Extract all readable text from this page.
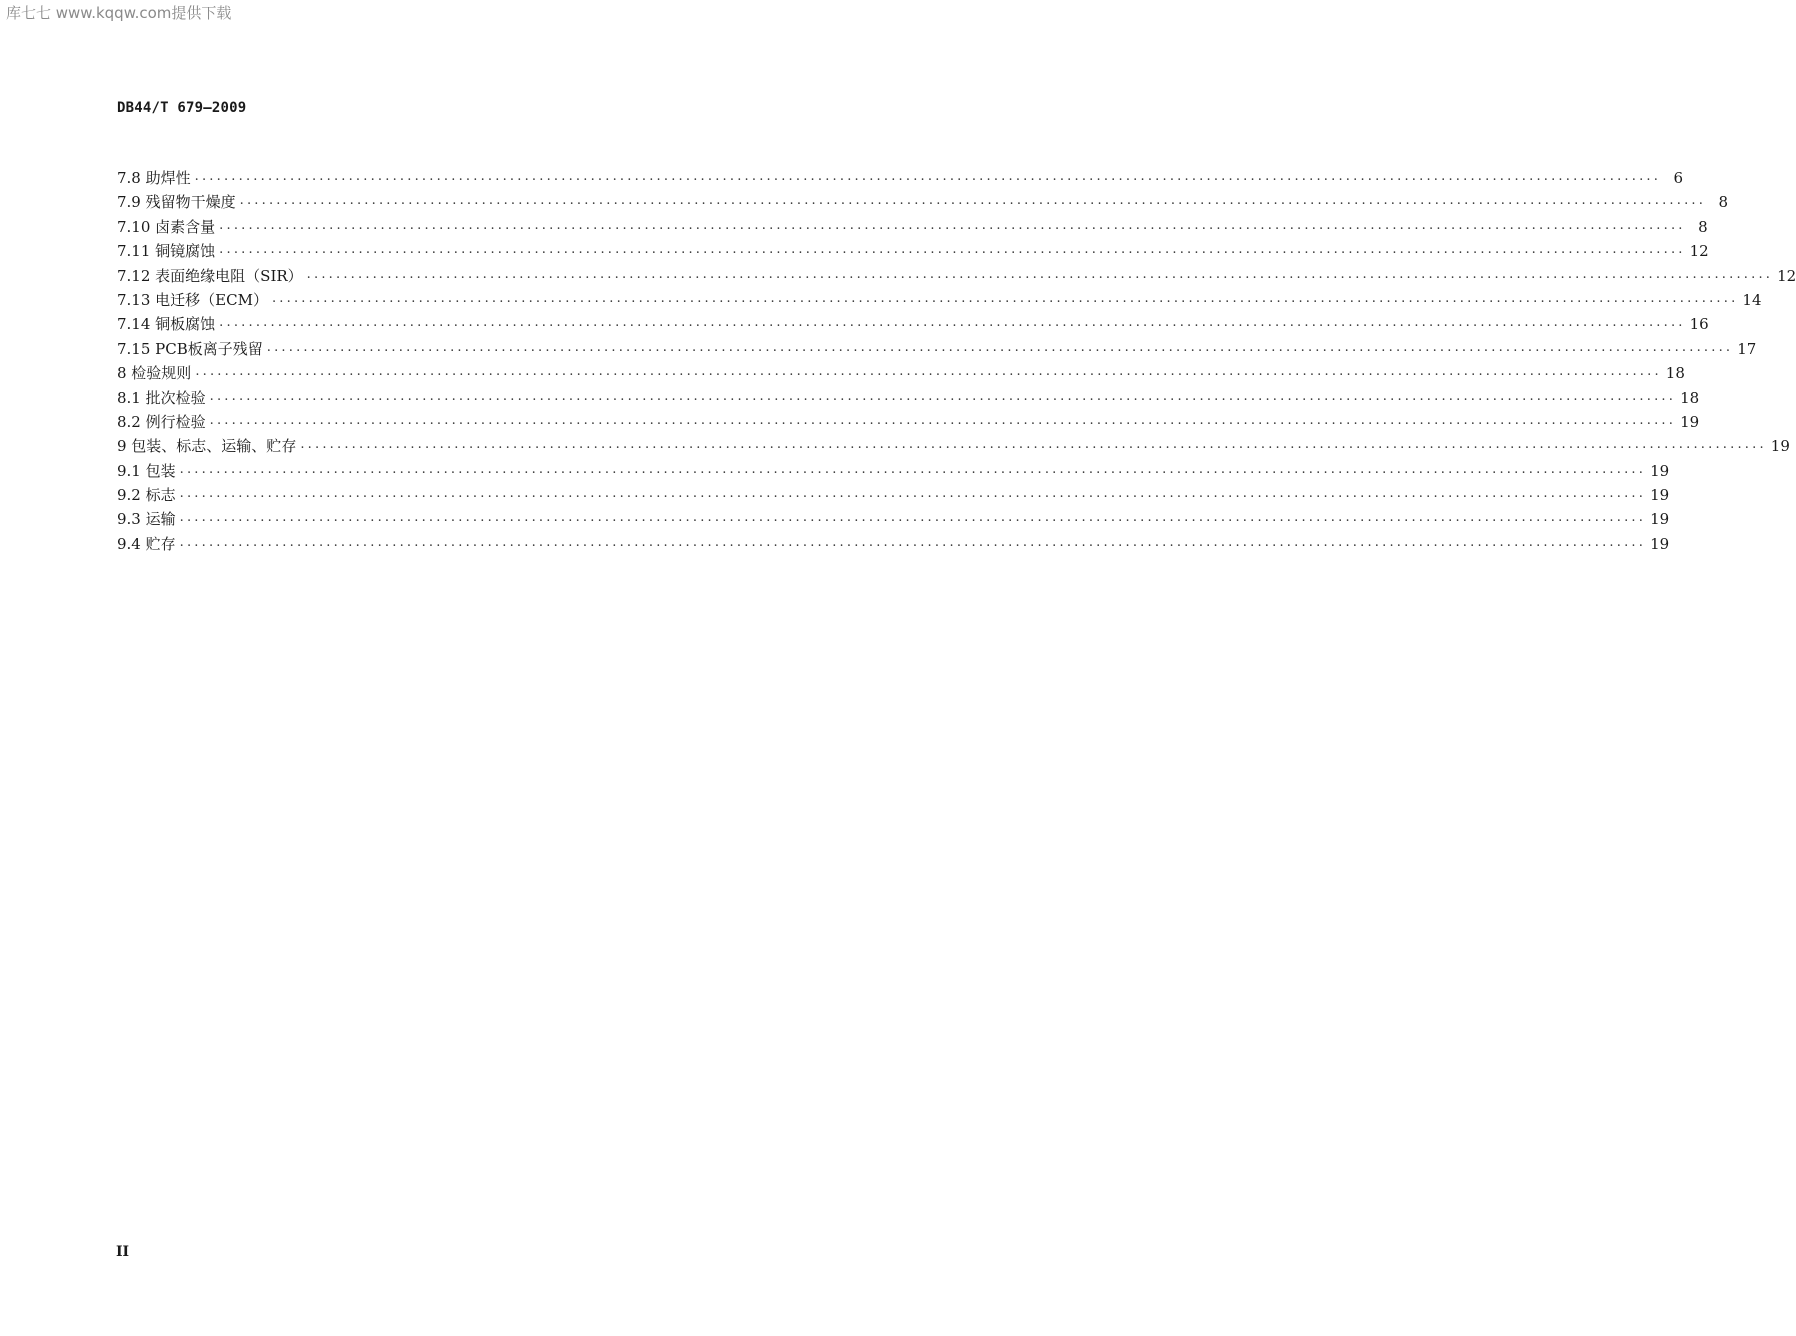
库七七 www.kqqw.com提供下载
DB44/T 679—2009
7.8 助焊性 ........................................................................................................................................................................................................ 6
7.9 残留物干燥度 ........................................................................................................................................................................................................ 8
7.10 卤素含量 ........................................................................................................................................................................................................ 8
7.11 铜镜腐蚀 ........................................................................................................................................................................................................ 12
7.12 表面绝缘电阻（SIR） ........................................................................................................................................................................................................ 12
7.13 电迁移（ECM） ........................................................................................................................................................................................................ 14
7.14 铜板腐蚀 ........................................................................................................................................................................................................ 16
7.15 PCB板离子残留 ........................................................................................................................................................................................................ 17
8 检验规则 ........................................................................................................................................................................................................ 18
8.1 批次检验 ........................................................................................................................................................................................................ 18
8.2 例行检验 ........................................................................................................................................................................................................ 19
9 包装、标志、运输、贮存 ........................................................................................................................................................................................................ 19
9.1 包装 ........................................................................................................................................................................................................ 19
9.2 标志 ........................................................................................................................................................................................................ 19
9.3 运输 ........................................................................................................................................................................................................ 19
9.4 贮存 ........................................................................................................................................................................................................ 19
II
